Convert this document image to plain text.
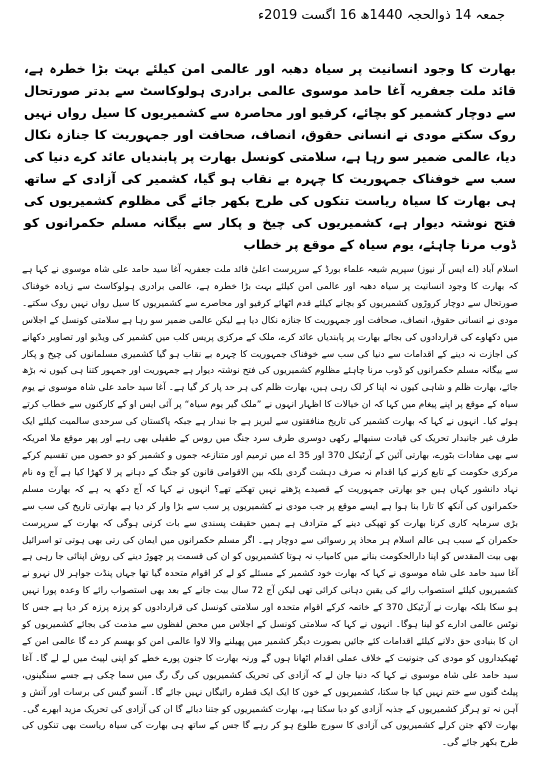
جمعہ 14 ذوالحجہ 1440ھ 16 اگست 2019ء

بھارت کا وجود انسانیت پر سیاہ دھبہ اور عالمی امن کیلئے بہت بڑا خطرہ ہے، قائد ملت جعفریہ آغا حامد موسوی عالمی برادری ہولوکاسٹ سے بدتر صورتحال سے دوچار کشمیر کو بچائے، کرفیو اور محاصرہ سے کشمیریوں کا سیل رواں نہیں روک سکتے مودی نے انسانی حقوق، انصاف، صحافت اور جمہوریت کا جنازہ نکال دیا، عالمی ضمیر سو رہا ہے، سلامتی کونسل بھارت پر پابندیاں عائد کرے دنیا کی سب سے خوفناک جمہوریت کا چہرہ بے نقاب ہو گیا، کشمیر کی آزادی کے ساتھ ہی بھارت کا سیاہ ریاست تنکوں کی طرح بکھر جائے گی مظلوم کشمیریوں کی فتح نوشتہ دیوار ہے، کشمیریوں کی چیخ و پکار سے بیگانہ مسلم حکمرانوں کو ڈوب مرنا چاہئے، یوم سیاہ کے موقع پر خطاب

اسلام آباد (اے ایس آر نیوز) سپریم شیعہ علماء بورڈ کے سرپرست اعلیٰ قائد ملت جعفریہ آغا سید حامد علی شاہ موسوی نے کہا ہے کہ بھارت کا وجود انسانیت پر سیاہ دھبہ اور عالمی امن کیلئے بہت بڑا خطرہ ہے، عالمی برادری ہولوکاسٹ سے زیادہ خوفناک صورتحال سے دوچار کروڑوں کشمیریوں کو بچانے کیلئے قدم اٹھائے کرفیو اور محاصرے سے کشمیریوں کا سیل رواں نہیں روک سکتے۔ مودی نے انسانی حقوق، انصاف، صحافت اور جمہوریت کا جنازہ نکال دیا ہے لیکن عالمی ضمیر سو رہا ہے سلامتی کونسل کے اجلاس میں دکھاوے کی قراردادوں کی بجائے بھارت پر پابندیاں عائد کرے، ملک کے مرکزی پریس کلب میں کشمیر کی ویڈیو اور تصاویر دکھانے کی اجازت نہ دینے کے اقدامات سے دنیا کی سب سے خوفناک جمہوریت کا چہرہ بے نقاب ہو گیا کشمیری مسلمانوں کی چیخ و پکار سے بیگانہ مسلم حکمرانوں کو ڈوب مرنا چاہئے مظلوم کشمیریوں کی فتح نوشتہ دیوار ہے جمہوریت اور جمہور کتنا ہی کیوں نہ بڑھ جائے، بھارت ظلم و شاہی کیوں نہ اپنا کر لک رہی ہیں، بھارت ظلم کی ہر حد پار کر گیا ہے۔ آغا سید حامد علی شاہ موسوی نے یوم سیاہ کے موقع پر اپنے پیغام میں کہا کہ ان خیالات کا اظہار انہوں نے ”ملک گیر یوم سیاہ“ پر آئی ایس او کے کارکنوں سے خطاب کرتے ہوئے کیا۔ انہوں نے کہا کہ بھارت کشمیر کی تاریخ منافقتوں سے لبریز ہے جا نبدار ہے جبکہ پاکستان کی سرحدی سالمیت کیلئے ایک طرف غیر جانبدار تحریک کی قیادت سنبھالے رکھی دوسری طرف سرد جنگ میں روس کے طفیلی بھی رہے اور پھر موقع ملا امریکہ سے بھی مفادات بٹورے، بھارتی آئین کے آرٹیکل 370 اور 35 اے میں ترمیم اور متنازعہ جموں و کشمیر کو دو حصوں میں تقسیم کرکے مرکزی حکومت کے تابع کرنے کیا اقدام نہ صرف دہشت گردی بلکہ بین الاقوامی قانون کو جنگ کے دہانے پر لا کھڑا کیا ہے آج وہ نام نہاد دانشور کہاں ہیں جو بھارتی جمہوریت کے قصیدے پڑھتے نہیں تھکتے تھے؟ انہوں نے کہا کہ آج دکھ یہ ہے کہ بھارت مسلم حکمرانوں کی آنکھ کا تارا بنا ہوا ہے ایسے موقع پر جب مودی نے کشمیریوں پر سب سے بڑا وار کر دیا ہے بھارتی تاریخ کی سب سے بڑی سرمایہ کاری کرنا بھارت کو تھپکی دینے کے مترادف ہے ہمیں حقیقت پسندی سے بات کرنی ہوگی کہ بھارت کے سرپرست حکمران کے سبب ہی عالم اسلام ہر محاذ پر رسوائی سے دوچار ہے۔ اگر مسلم حکمرانوں میں ایمان کی رتی بھی ہوتی تو اسرائیل بھی بیت المقدس کو اپنا دارالحکومت بنانے میں کامیاب نہ ہوتا کشمیریوں کو ان کی قسمت پر چھوڑ دینے کی روش اپنائی جا رہی ہے آغا سید حامد علی شاہ موسوی نے کہا کہ بھارت خود کشمیر کے مسئلے کو لے کر اقوام متحدہ گیا تھا جہاں پنڈت جواہر لال نہرو نے کشمیریوں کیلئے استصواب رائے کی یقین دہانی کرائی تھی لیکن آج 72 سال بیت جانے کے بعد بھی استصواب رائے کا وعدہ پورا نہیں ہو سکا بلکہ بھارت نے آرٹیکل 370 کے خاتمہ کرکے اقوام متحدہ اور سلامتی کونسل کی قراردادوں کو پرزہ پرزہ کر دیا ہے جس کا نوٹس عالمی ادارے کو لینا ہوگا۔ انہوں نے کہا کہ سلامتی کونسل کے اجلاس میں محض لفظوں سے مذمت کی بجائے کشمیریوں کو ان کا بنیادی حق دلانے کیلئے اقدامات کئے جائیں بصورت دیگر کشمیر میں پھیلنے والا لاوا عالمی امن کو بھسم کر دے گا عالمی امن کے ٹھیکیداروں کو مودی کی جنونیت کے خلاف عملی اقدام اٹھانا ہوں گے ورنہ بھارت کا جنون پورے خطے کو اپنی لپیٹ میں لے لے گا۔ آغا سید حامد علی شاہ موسوی نے کہا کہ دنیا جان لے کہ آزادی کی تحریک کشمیریوں کی رگ رگ میں سما چکی ہے جسے سنگینوں، پیلٹ گنوں سے ختم نہیں کیا جا سکتا، کشمیریوں کے خون کا ایک ایک قطرہ رائیگاں نہیں جائے گا۔ آنسو گیس کی برسات اور آتش و آہن نہ تو ہرگز کشمیریوں کے جذبہ آزادی کو دبا سکتا ہے، بھارت کشمیریوں کو جتنا دبائے گا ان کی آزادی کی تحریک مزید ابھرے گی۔ بھارت لاکھ جتن کرلے کشمیریوں کی آزادی کا سورج طلوع ہو کر رہے گا جس کے ساتھ ہی بھارت کی سیاہ ریاست بھی تنکوں کی طرح بکھر جائے گی۔
